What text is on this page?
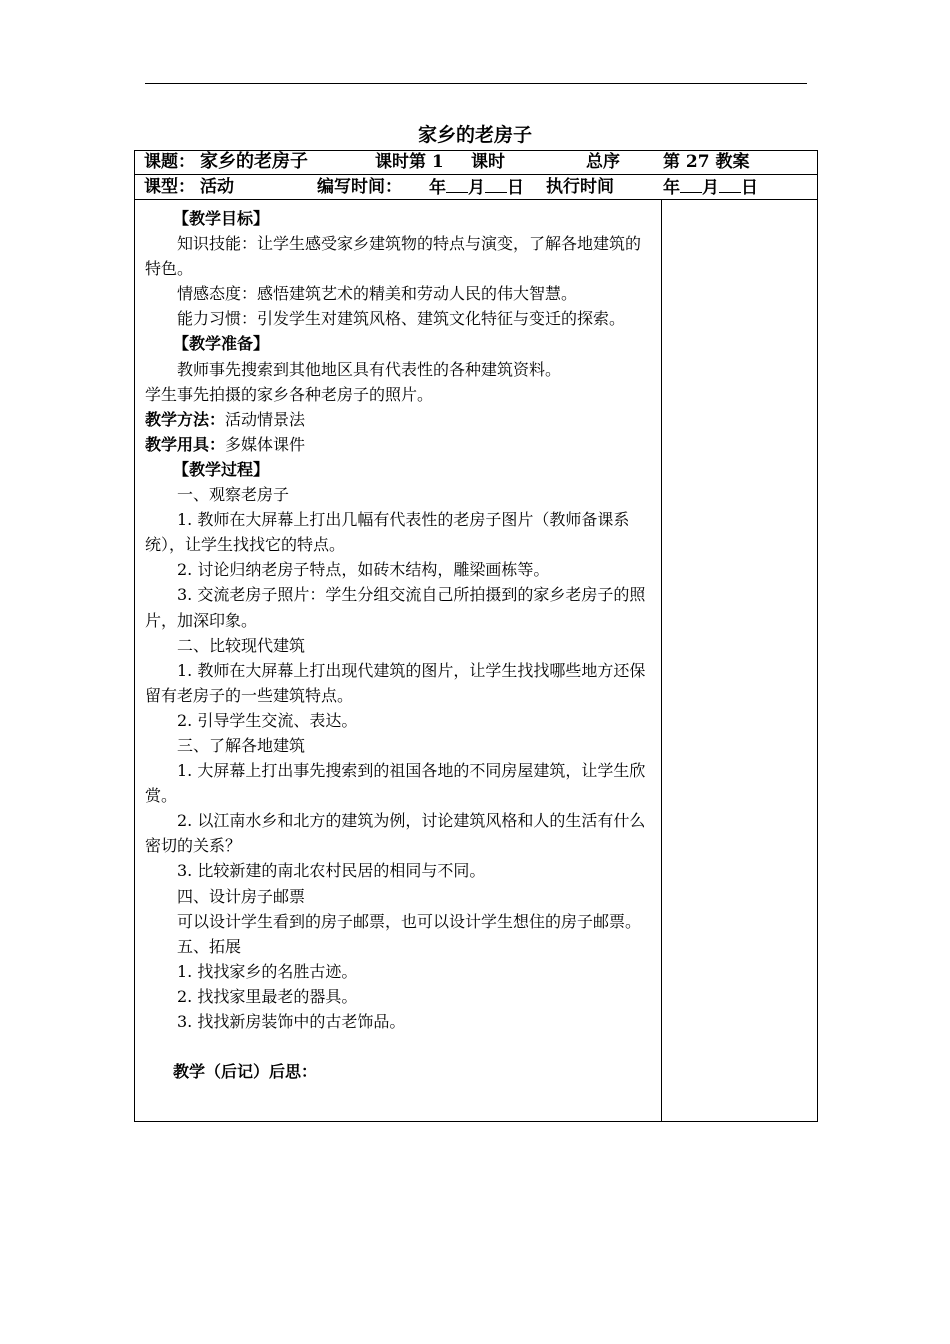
家乡的老房子
课题： 家乡的老房子	课时第 1 课时	总序	第 27 教案
课型： 活动	编写时间： 年 月 日 执行时间	年 月 日

【教学目标】

知识技能：让学生感受家乡建筑物的特点与演变，了解各地建筑的特色。

情感态度：感悟建筑艺术的精美和劳动人民的伟大智慧。

能力习惯：引发学生对建筑风格、建筑文化特征与变迁的探索。

【教学准备】

教师事先搜索到其他地区具有代表性的各种建筑资料。

学生事先拍摄的家乡各种老房子的照片。

教学方法：活动情景法

教学用具：多媒体课件

【教学过程】

一、观察老房子

1. 教师在大屏幕上打出几幅有代表性的老房子图片（教师备课系统），让学生找找它的特点。

2. 讨论归纳老房子特点，如砖木结构，雕梁画栋等。

3. 交流老房子照片：学生分组交流自己所拍摄到的家乡老房子的照片，加深印象。

二、比较现代建筑

1. 教师在大屏幕上打出现代建筑的图片，让学生找找哪些地方还保留有老房子的一些建筑特点。

2. 引导学生交流、表达。

三、了解各地建筑

1. 大屏幕上打出事先搜索到的祖国各地的不同房屋建筑，让学生欣赏。

2. 以江南水乡和北方的建筑为例，讨论建筑风格和人的生活有什么密切的关系？

3. 比较新建的南北农村民居的相同与不同。

四、设计房子邮票

可以设计学生看到的房子邮票，也可以设计学生想住的房子邮票。

五、拓展

1. 找找家乡的名胜古迹。

2. 找找家里最老的器具。

3. 找找新房装饰中的古老饰品。

教学（后记）后思：
